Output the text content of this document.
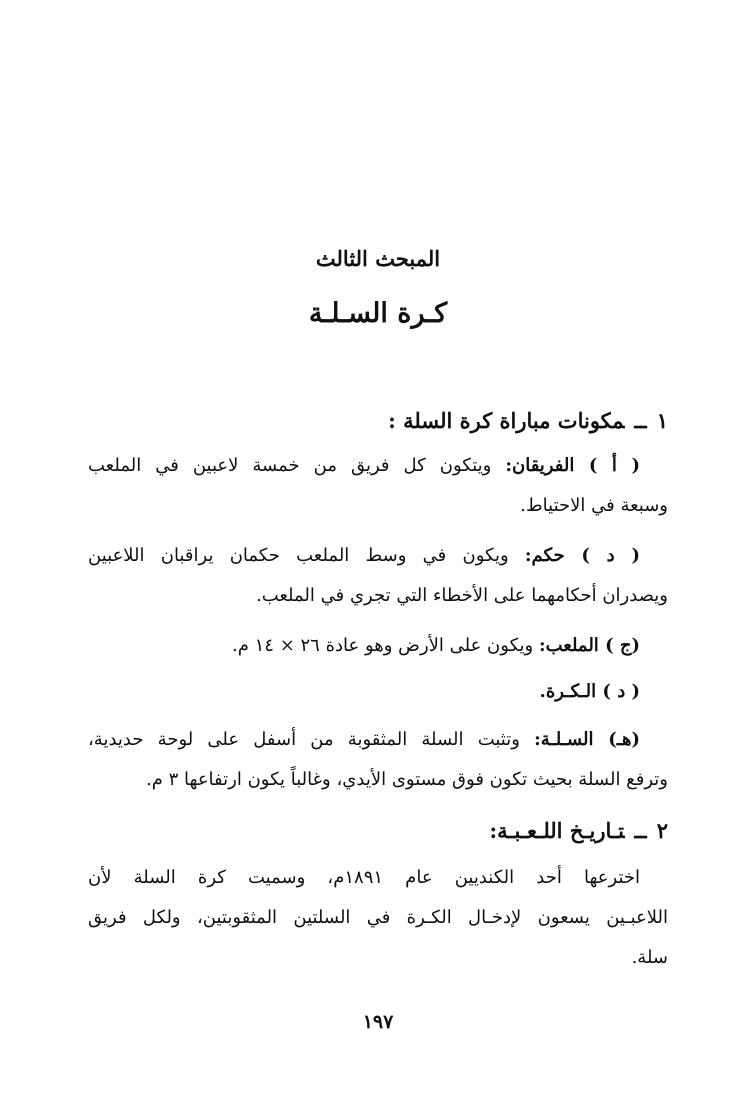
المبحث الثالث
كـرة السـلـة
١ــمكونات مباراة كرة السلة :
( أ ) الفريقان: ويتكون كل فريق من خمسة لاعبين في الملعب
وسبعة في الاحتياط.
( د ) حكم: ويكون في وسط الملعب حكمان يراقبان اللاعبين
ويصدران أحكامهما على الأخطاء التي تجري في الملعب.
(ج ) الملعب: ويكون على الأرض وهو عادة ٢٦ × ١٤ م.
( د ) الـكـرة.
(هـ) السـلـة: وتثبت السلة المثقوبة من أسفل على لوحة حديدية،
وترفع السلة بحيث تكون فوق مستوى الأيدي، وغالباً يكون ارتفاعها ٣ م.
٢ــتـاريـخ اللـعـبـة:
اخترعها أحد الكنديين عام ١٨٩١م، وسميت كرة السلة لأن
اللاعبـين يسعون لإدخـال الكـرة في السلتين المثقوبتين، ولكل فريق
سلة.
١٩٧
